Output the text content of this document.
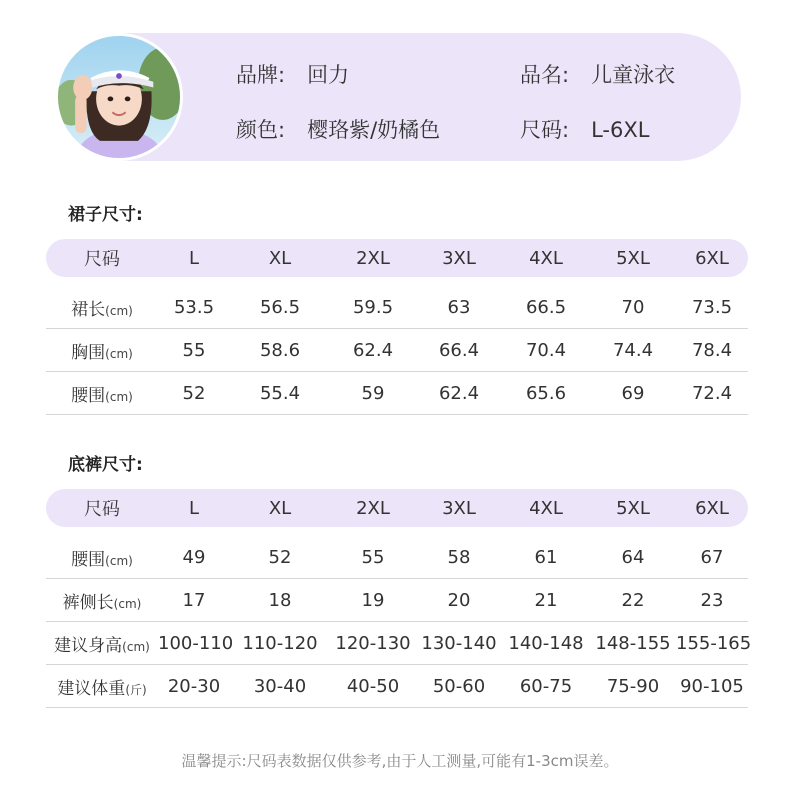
品牌: 回力
颜色: 樱珞紫/奶橘色
品名: 儿童泳衣
尺码: L-6XL
裙子尺寸:
尺码	L	XL	2XL	3XL	4XL	5XL	6XL
裙长(cm)	53.5	56.5	59.5	63	66.5	70	73.5
胸围(cm)	55	58.6	62.4	66.4	70.4	74.4	78.4
腰围(cm)	52	55.4	59	62.4	65.6	69	72.4
底裤尺寸:
尺码	L	XL	2XL	3XL	4XL	5XL	6XL
腰围(cm)	49	52	55	58	61	64	67
裤侧长(cm)	17	18	19	20	21	22	23
建议身高(cm) 100-110 110-120 120-130 130-140 140-148 148-155 155-165
建议体重(斤)	20-30	30-40	40-50	50-60	60-75	75-90	90-105
温馨提示:尺码表数据仅供参考,由于人工测量,可能有1-3cm误差。
